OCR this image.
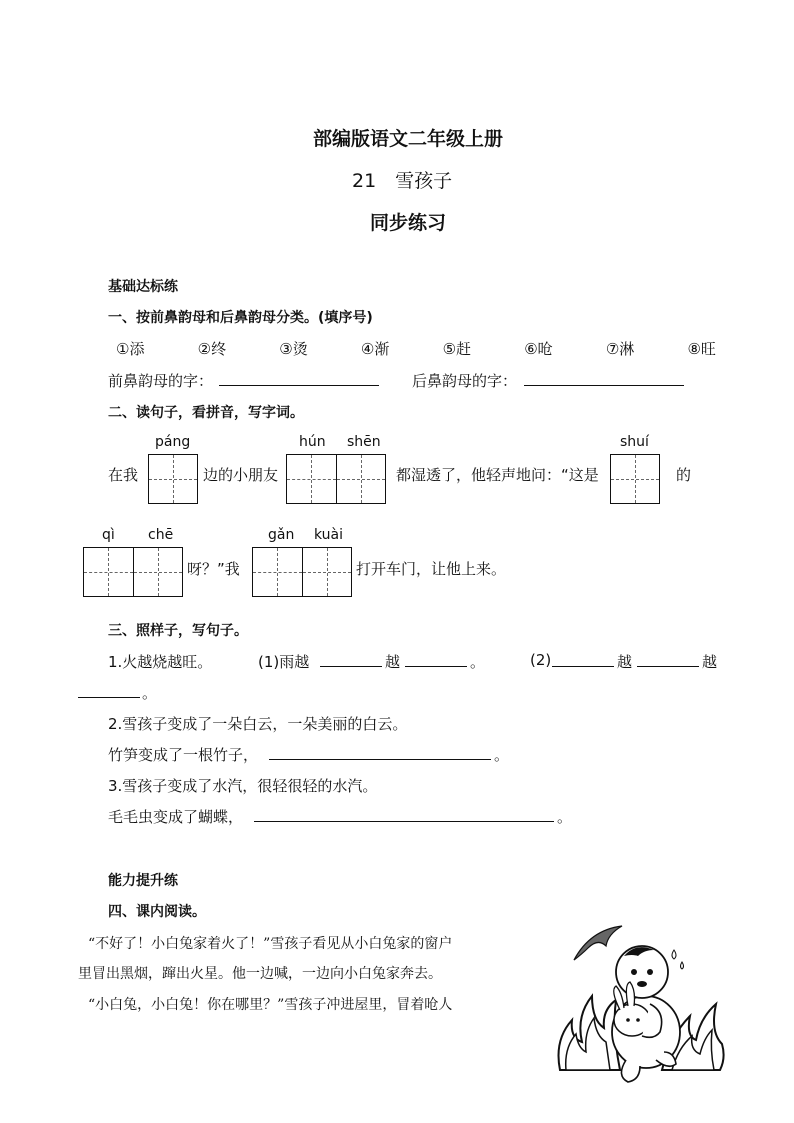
部编版语文二年级上册
21　雪孩子
同步练习
基础达标练
一、按前鼻韵母和后鼻韵母分类。(填序号)
①添	②终	③烫	④渐	⑤赶	⑥呛	⑦淋	⑧旺
前鼻韵母的字：	后鼻韵母的字：
二、读句子，看拼音，写字词。
páng	hún shēn	shuí
在我	边的小朋友	都湿透了，他轻声地问：“这是	的
qì chē	gǎn kuài
呀？”我	打开车门，让他上来。
三、照样子，写句子。
1.火越烧越旺。	(1)雨越	越	。	(2)	越	越
。
2.雪孩子变成了一朵白云，一朵美丽的白云。
竹笋变成了一根竹子，	。
3.雪孩子变成了水汽，很轻很轻的水汽。
毛毛虫变成了蝴蝶，	。
能力提升练
四、课内阅读。
“不好了！小白兔家着火了！”雪孩子看见从小白兔家的窗户
里冒出黑烟，蹿出火星。他一边喊，一边向小白兔家奔去。
“小白兔，小白兔！你在哪里？”雪孩子冲进屋里，冒着呛人
